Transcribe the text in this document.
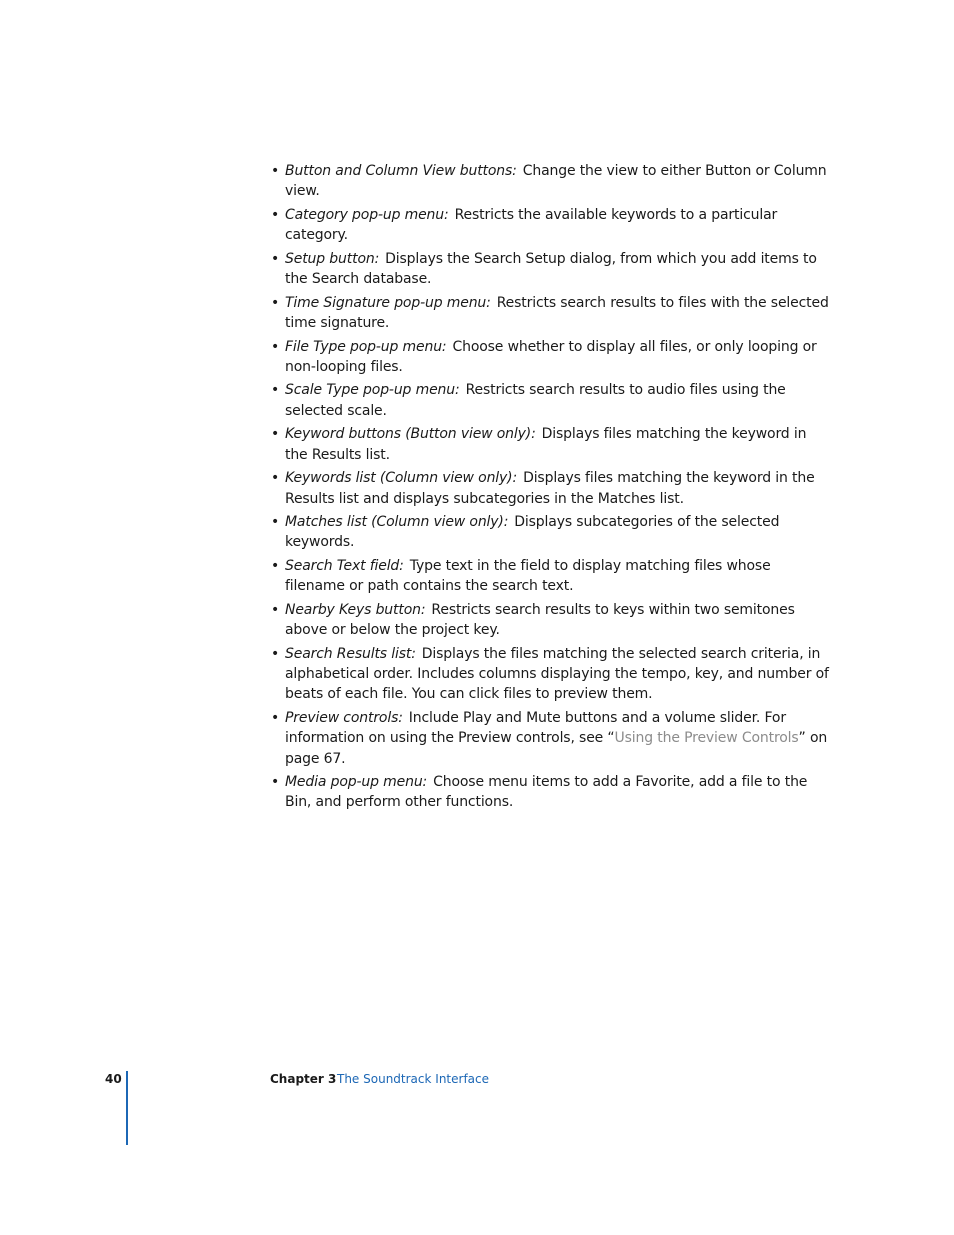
• Button and Column View buttons: Change the view to either Button or Column view.
• Category pop-up menu: Restricts the available keywords to a particular category.
• Setup button: Displays the Search Setup dialog, from which you add items to the Search database.
• Time Signature pop-up menu: Restricts search results to files with the selected time signature.
• File Type pop-up menu: Choose whether to display all files, or only looping or non-looping files.
• Scale Type pop-up menu: Restricts search results to audio files using the selected scale.
• Keyword buttons (Button view only): Displays files matching the keyword in the Results list.
• Keywords list (Column view only): Displays files matching the keyword in the Results list and displays subcategories in the Matches list.
• Matches list (Column view only): Displays subcategories of the selected keywords.
• Search Text field: Type text in the field to display matching files whose filename or path contains the search text.
• Nearby Keys button: Restricts search results to keys within two semitones above or below the project key.
• Search Results list: Displays the files matching the selected search criteria, in alphabetical order. Includes columns displaying the tempo, key, and number of beats of each file. You can click files to preview them.
• Preview controls: Include Play and Mute buttons and a volume slider. For information on using the Preview controls, see “Using the Preview Controls” on page 67.
• Media pop-up menu: Choose menu items to add a Favorite, add a file to the Bin, and perform other functions.
40	Chapter 3 The Soundtrack Interface
